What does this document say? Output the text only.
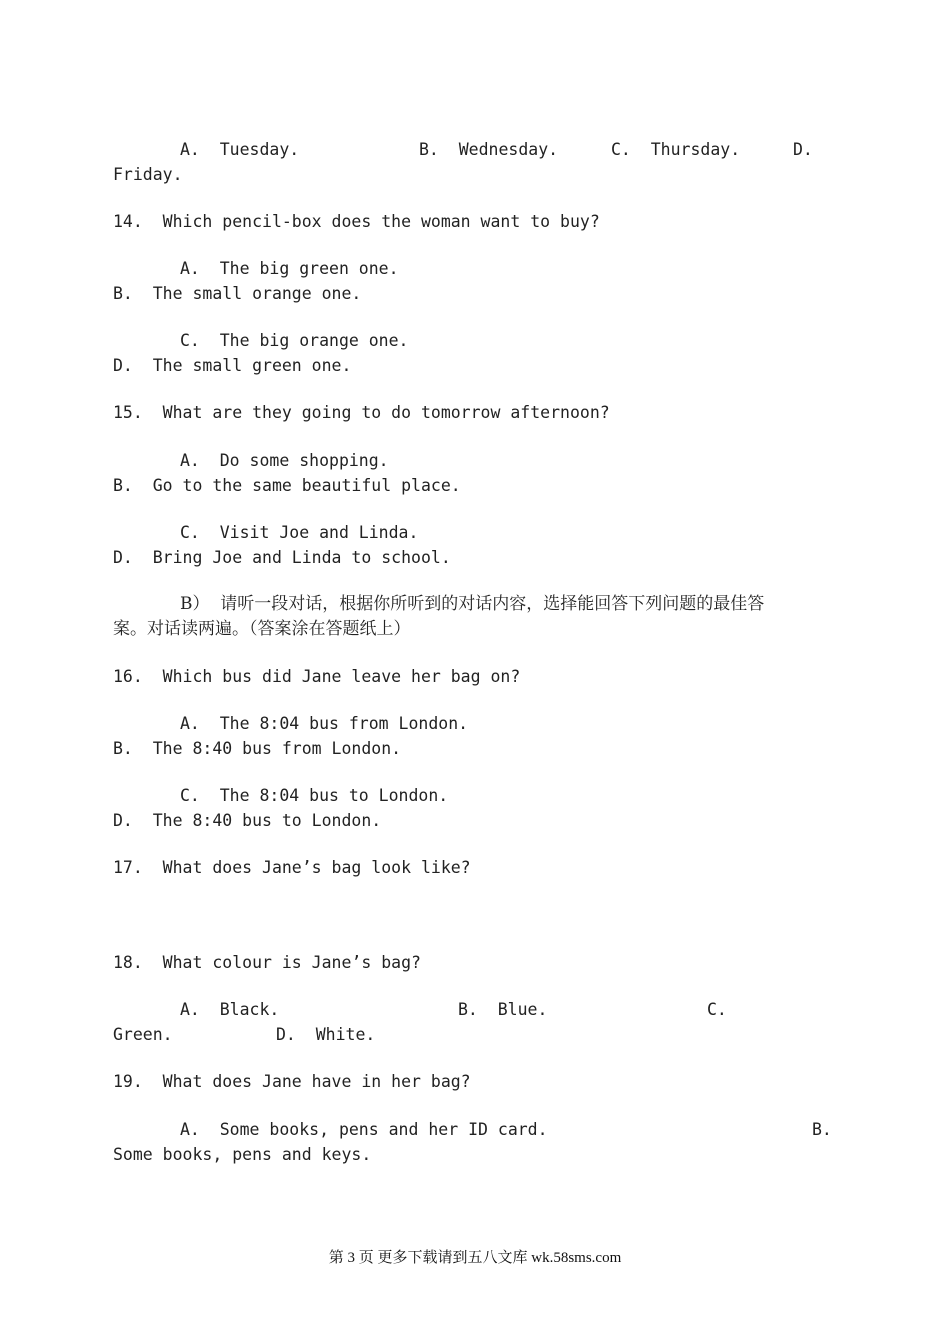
A.  Tuesday.	B.  Wednesday.	C.  Thursday.	D.
Friday.
14.  Which pencil-box does the woman want to buy?
A.  The big green one.
B.  The small orange one.
C.  The big orange one.
D.  The small green one.
15.  What are they going to do tomorrow afternoon?
A.  Do some shopping.
B.  Go to the same beautiful place.
C.  Visit Joe and Linda.
D.  Bring Joe and Linda to school.
B）  请听一段对话，根据你所听到的对话内容，选择能回答下列问题的最佳答
案。对话读两遍。（答案涂在答题纸上）
16.  Which bus did Jane leave her bag on?
A.  The 8:04 bus from London.
B.  The 8:40 bus from London.
C.  The 8:04 bus to London.
D.  The 8:40 bus to London.
17.  What does Jane’s bag look like?
18.  What colour is Jane’s bag?
A.  Black.	B.  Blue.	C.
Green.	D.  White.
19.  What does Jane have in her bag?
A.  Some books, pens and her ID card.	B.
Some books, pens and keys.
第 3 页 更多下载请到五八文库 wk.58sms.com
